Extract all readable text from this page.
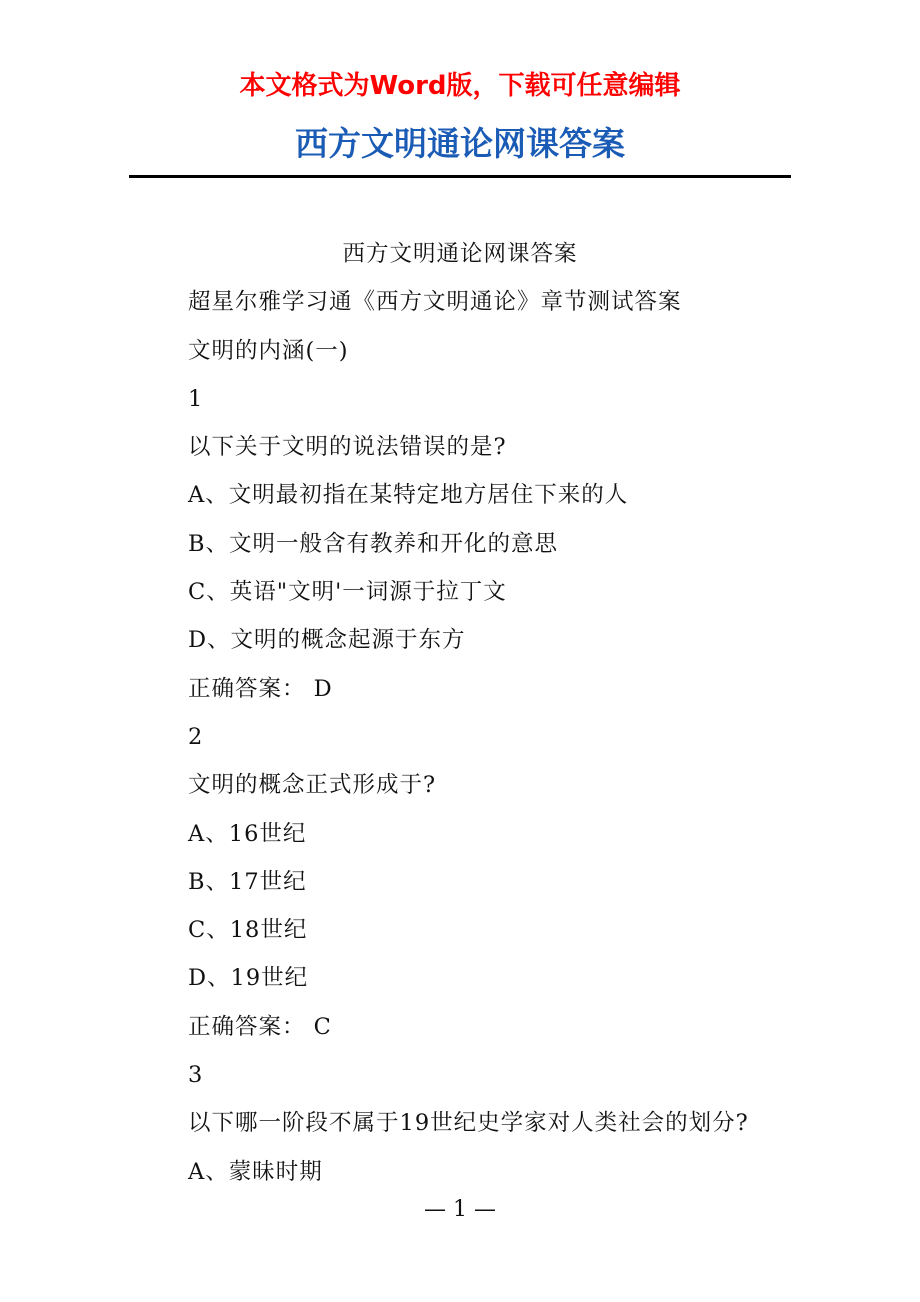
本文格式为Word版，下载可任意编辑
西方文明通论网课答案
西方文明通论网课答案
超星尔雅学习通《西方文明通论》章节测试答案
文明的内涵(一)
1
以下关于文明的说法错误的是?
A、文明最初指在某特定地方居住下来的人
B、文明一般含有教养和开化的意思
C、英语"文明'一词源于拉丁文
D、文明的概念起源于东方
正确答案： D
2
文明的概念正式形成于?
A、16世纪
B、17世纪
C、18世纪
D、19世纪
正确答案： C
3
以下哪一阶段不属于19世纪史学家对人类社会的划分?
A、蒙昧时期
— 1 —
